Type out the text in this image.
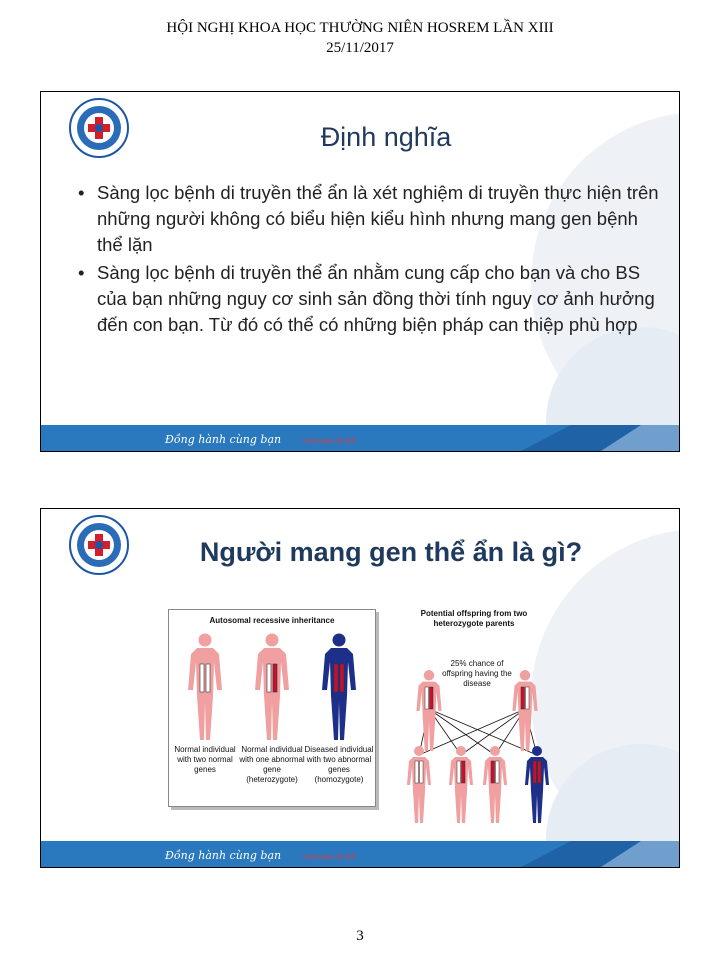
HỘI NGHỊ KHOA HỌC THƯỜNG NIÊN HOSREM LẦN XIII
25/11/2017
Định nghĩa
• Sàng lọc bệnh di truyền thể ẩn là xét nghiệm di truyền thực hiện trên những người không có biểu hiện kiểu hình nhưng mang gen bệnh thể lặn
• Sàng lọc bệnh di truyền thể ẩn nhằm cung cấp cho bạn và cho BS của bạn những nguy cơ sinh sản đồng thời tính nguy cơ ảnh hưởng đến con bạn. Từ đó có thể có những biện pháp can thiệp phù hợp
Đồng hành cùng bạn	Vượt qua vô sinh
Người mang gen thể ẩn là gì?
Autosomal recessive inheritance
Normal individual with two normal genes
Normal individual with one abnormal gene (heterozygote)
Diseased individual with two abnormal genes (homozygote)
Potential offspring from two heterozygote parents
25% chance of offspring having the disease
Đồng hành cùng bạn	Vượt qua vô sinh
3
